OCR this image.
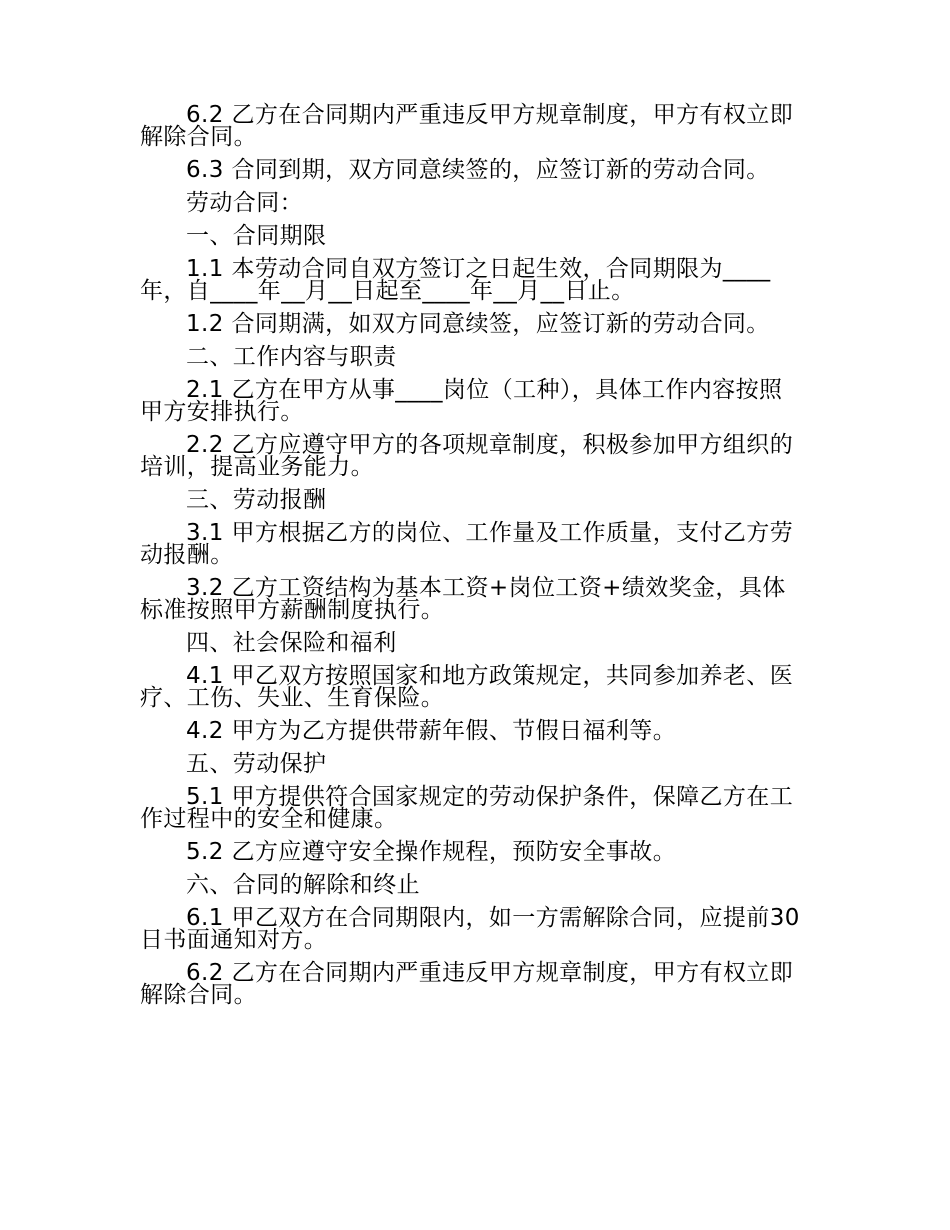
6.2 乙方在合同期内严重违反甲方规章制度，甲方有权立即解除合同。

6.3 合同到期，双方同意续签的，应签订新的劳动合同。

劳动合同：

一、合同期限

1.1 本劳动合同自双方签订之日起生效，合同期限为____年，自____年__月__日起至____年__月__日止。

1.2 合同期满，如双方同意续签，应签订新的劳动合同。

二、工作内容与职责

2.1 乙方在甲方从事____岗位（工种），具体工作内容按照甲方安排执行。

2.2 乙方应遵守甲方的各项规章制度，积极参加甲方组织的培训，提高业务能力。

三、劳动报酬

3.1 甲方根据乙方的岗位、工作量及工作质量，支付乙方劳动报酬。

3.2 乙方工资结构为基本工资+岗位工资+绩效奖金，具体标准按照甲方薪酬制度执行。

四、社会保险和福利

4.1 甲乙双方按照国家和地方政策规定，共同参加养老、医疗、工伤、失业、生育保险。

4.2 甲方为乙方提供带薪年假、节假日福利等。

五、劳动保护

5.1 甲方提供符合国家规定的劳动保护条件，保障乙方在工作过程中的安全和健康。

5.2 乙方应遵守安全操作规程，预防安全事故。

六、合同的解除和终止

6.1 甲乙双方在合同期限内，如一方需解除合同，应提前30 日书面通知对方。

6.2 乙方在合同期内严重违反甲方规章制度，甲方有权立即解除合同。
